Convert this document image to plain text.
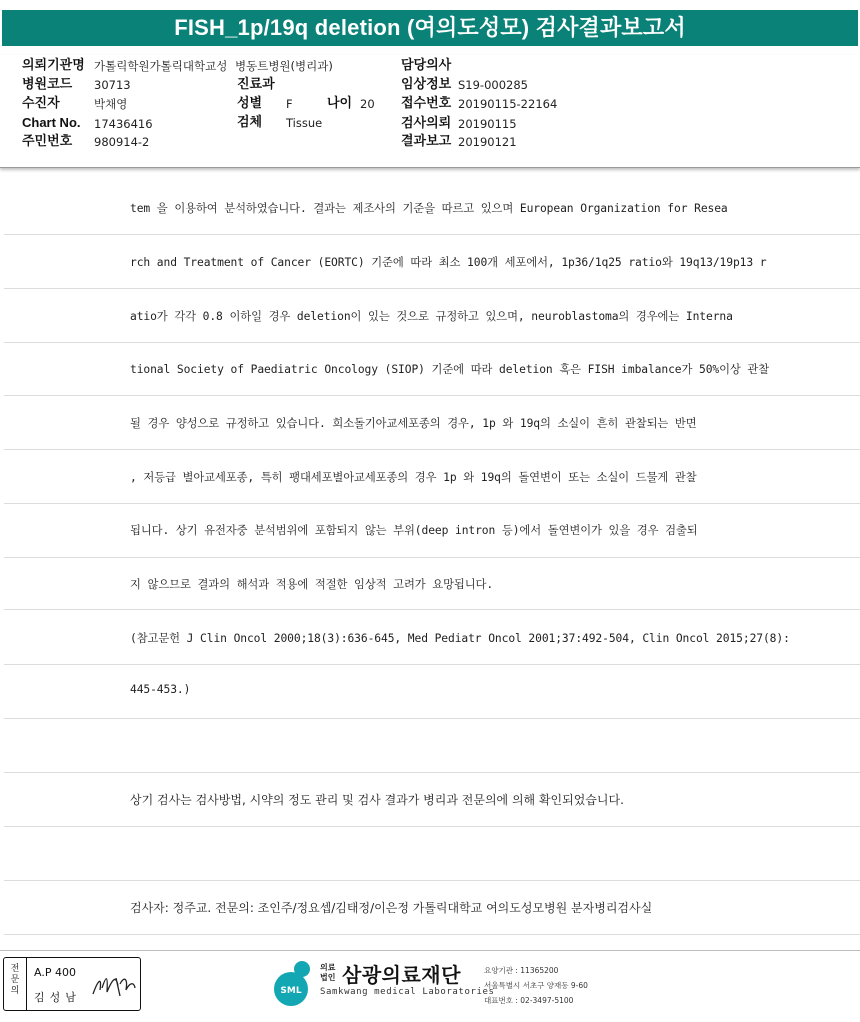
FISH_1p/19q deletion (여의도성모) 검사결과보고서
의뢰기관명 가톨릭학원가톨릭대학교성 병동트병원(병리과)
병원코드 30713
수진자	박채영
Chart No. 17436416
주민번호 980914-2
진료과
성별 F	나이 20
검체 Tissue
담당의사
임상정보 S19-000285
접수번호 20190115-22164
검사의뢰 20190115
결과보고 20190121
tem 을 이용하여 분석하였습니다. 결과는 제조사의 기준을 따르고 있으며 European Organization for Resea
rch and Treatment of Cancer (EORTC) 기준에 따라 최소 100개 세포에서, 1p36/1q25 ratio와 19q13/19p13 r
atio가 각각 0.8 이하일 경우 deletion이 있는 것으로 규정하고 있으며, neuroblastoma의 경우에는 Interna
tional Society of Paediatric Oncology (SIOP) 기준에 따라 deletion 혹은 FISH imbalance가 50%이상 관찰
될 경우 양성으로 규정하고 있습니다. 희소돌기아교세포종의 경우, 1p 와 19q의 소실이 흔히 관찰되는 반면
, 저등급 별아교세포종, 특히 팽대세포별아교세포종의 경우 1p 와 19q의 돌연변이 또는 소실이 드물게 관찰
됩니다. 상기 유전자중 분석범위에 포함되지 않는 부위(deep intron 등)에서 돌연변이가 있을 경우 검출되
지 않으므로 결과의 해석과 적용에 적절한 임상적 고려가 요망됩니다.
(참고문헌 J Clin Oncol 2000;18(3):636-645, Med Pediatr Oncol 2001;37:492-504, Clin Oncol 2015;27(8):
445-453.)
상기 검사는 검사방법, 시약의 정도 관리 및 검사 결과가 병리과 전문의에 의해 확인되었습니다.
검사자: 정주교. 전문의: 조인주/정요셉/김태정/이은정 가톨릭대학교 여의도성모병원 분자병리검사실
전
문
의
A.P 400
김성남	SML
의료
법인 삼광의료재단
Samkwang medical Laboratories
요양기관 : 11365200
서울특별시 서초구 양재동 9-60
대표번호 : 02-3497-5100
